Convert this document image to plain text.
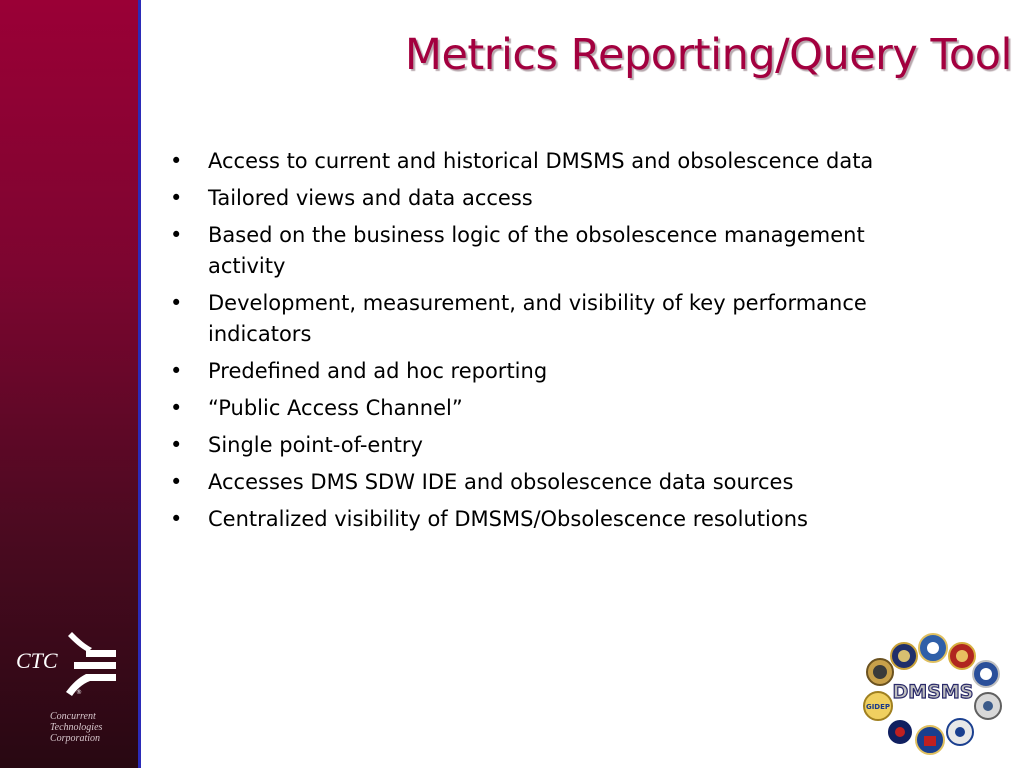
CTC
®
Concurrent
Technologies
Corporation
Metrics Reporting/Query Tool
•	Access to current and historical DMSMS and obsolescence data
•	Tailored views and data access
•	Based on the business logic of the obsolescence management activity
•	Development, measurement, and visibility of key performance indicators
•	Predefined and ad hoc reporting
•	“Public Access Channel”
•	Single point-of-entry
•	Accesses DMS SDW IDE and obsolescence data sources
•	Centralized visibility of DMSMS/Obsolescence resolutions
GIDEP
DMSMS
